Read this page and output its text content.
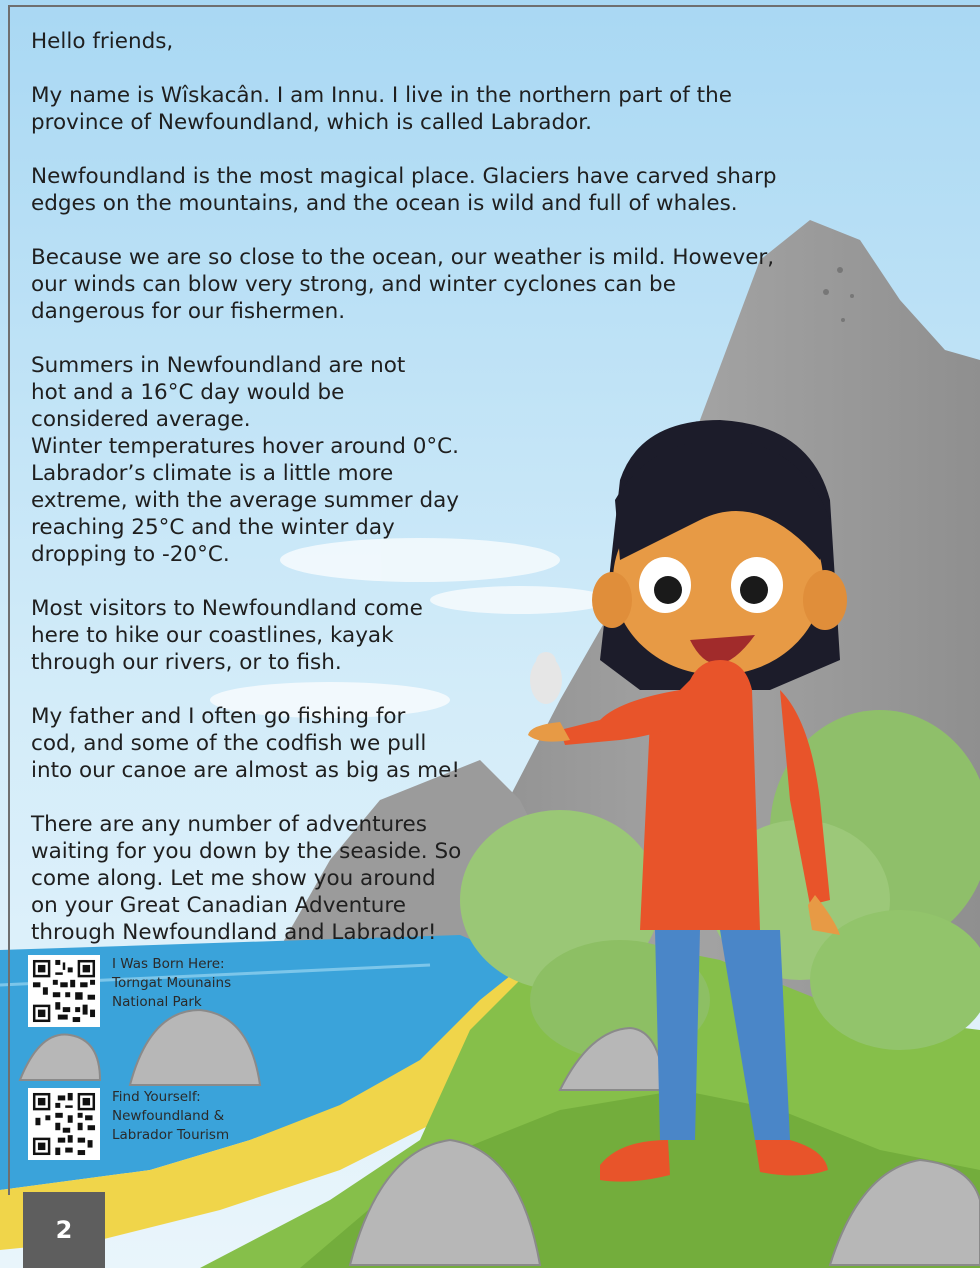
Hello friends,

My name is Wîskacân. I am Innu. I live in the northern part of the
province of Newfoundland, which is called Labrador.

Newfoundland is the most magical place. Glaciers have carved sharp
edges on the mountains, and the ocean is wild and full of whales.

Because we are so close to the ocean, our weather is mild. However,
our winds can blow very strong, and winter cyclones can be
dangerous for our fishermen.

Summers in Newfoundland are not
hot and a 16°C day would be
considered average.
Winter temperatures hover around 0°C.
Labrador’s climate is a little more
extreme, with the average summer day
reaching 25°C and the winter day
dropping to -20°C.

Most visitors to Newfoundland come
here to hike our coastlines, kayak
through our rivers, or to fish.

My father and I often go fishing for
cod, and some of the codfish we pull
into our canoe are almost as big as me!

There are any number of adventures
waiting for you down by the seaside. So
come along. Let me show you around
on your Great Canadian Adventure
through Newfoundland and Labrador!

I Was Born Here:
Torngat Mounains
National Park
Find Yourself:
Newfoundland &
Labrador Tourism
2
